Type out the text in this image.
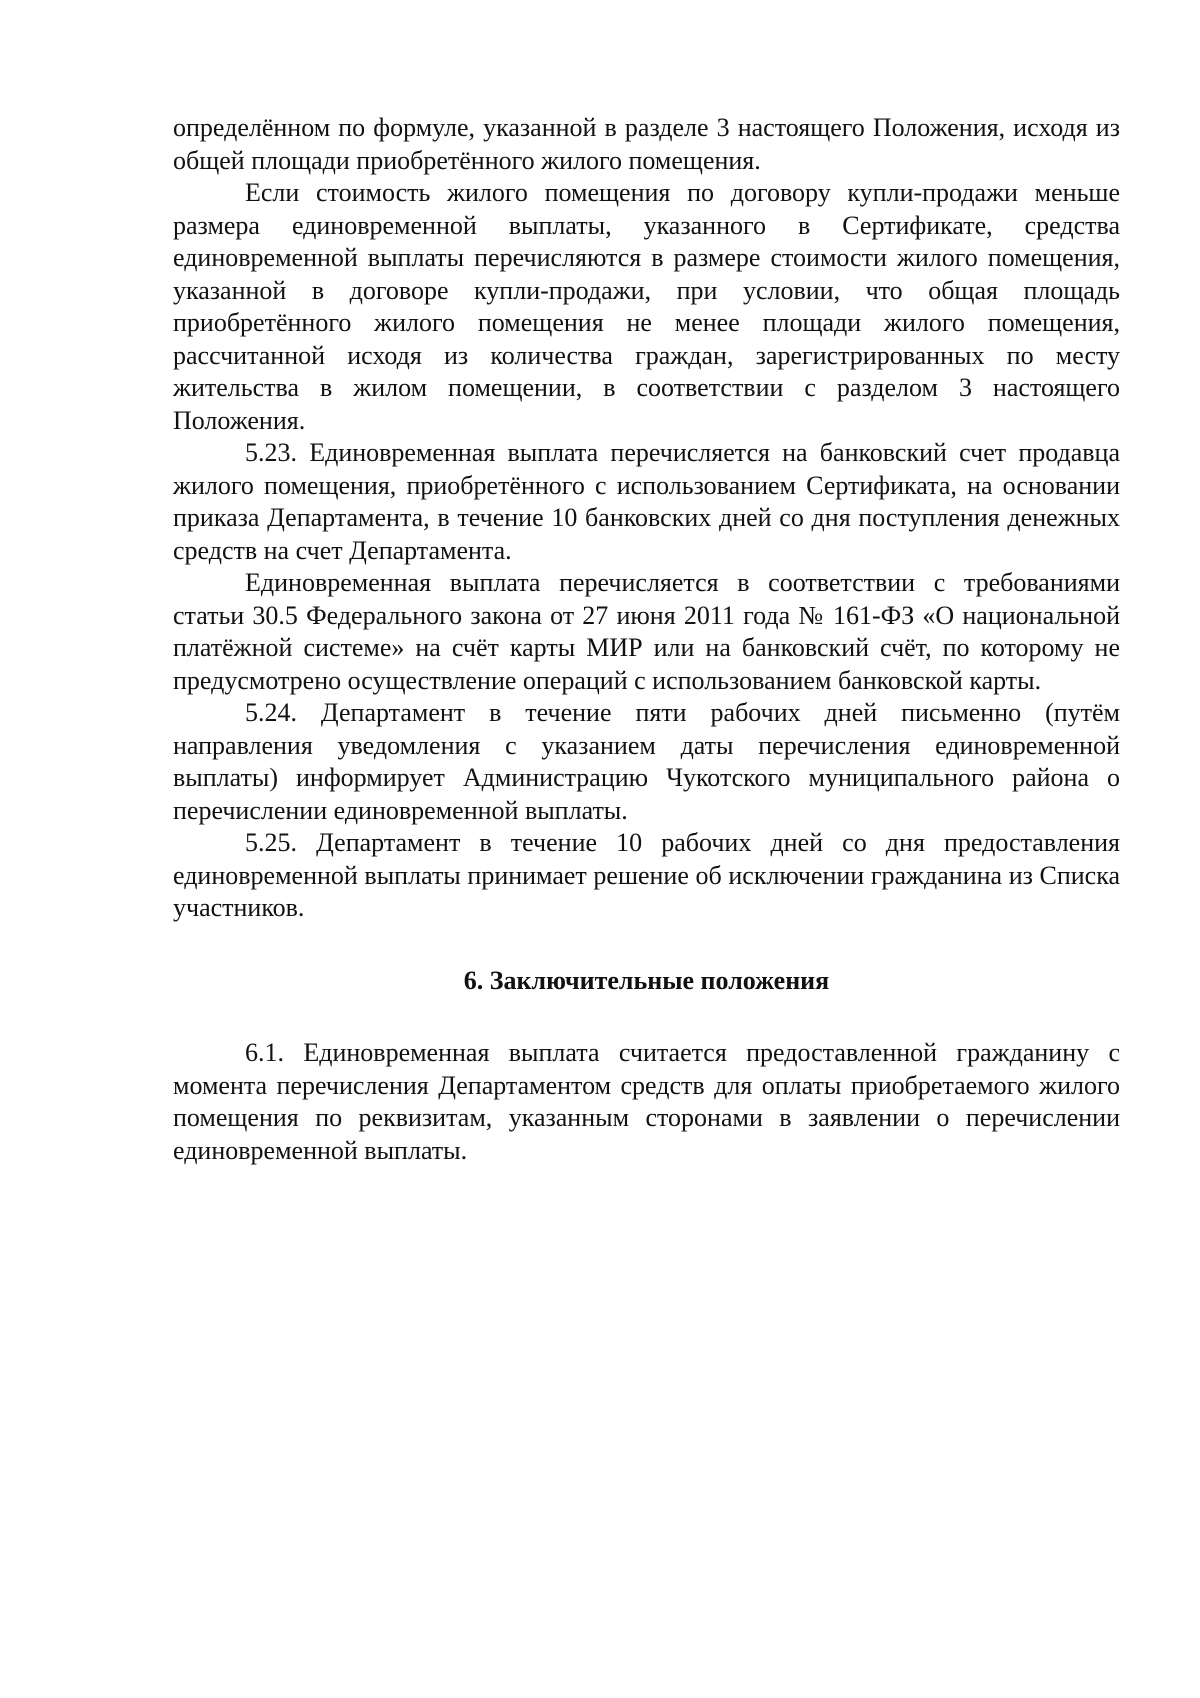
определённом по формуле, указанной в разделе 3 настоящего Положения, исходя из общей площади приобретённого жилого помещения.

Если стоимость жилого помещения по договору купли-продажи меньше размера единовременной выплаты, указанного в Сертификате, средства единовременной выплаты перечисляются в размере стоимости жилого помещения, указанной в договоре купли-продажи, при условии, что общая площадь приобретённого жилого помещения не менее площади жилого помещения, рассчитанной исходя из количества граждан, зарегистрированных по месту жительства в жилом помещении, в соответствии с разделом 3 настоящего Положения.

5.23. Единовременная выплата перечисляется на банковский счет продавца жилого помещения, приобретённого с использованием Сертификата, на основании приказа Департамента, в течение 10 банковских дней со дня поступления денежных средств на счет Департамента.

Единовременная выплата перечисляется в соответствии с требованиями статьи 30.5 Федерального закона от 27 июня 2011 года № 161-ФЗ «О национальной платёжной системе» на счёт карты МИР или на банковский счёт, по которому не предусмотрено осуществление операций с использованием банковской карты.

5.24. Департамент в течение пяти рабочих дней письменно (путём направления уведомления с указанием даты перечисления единовременной выплаты) информирует Администрацию Чукотского муниципального района о перечислении единовременной выплаты.

5.25. Департамент в течение 10 рабочих дней со дня предоставления единовременной выплаты принимает решение об исключении гражданина из Списка участников.

6. Заключительные положения

6.1. Единовременная выплата считается предоставленной гражданину с момента перечисления Департаментом средств для оплаты приобретаемого жилого помещения по реквизитам, указанным сторонами в заявлении о перечислении единовременной выплаты.
